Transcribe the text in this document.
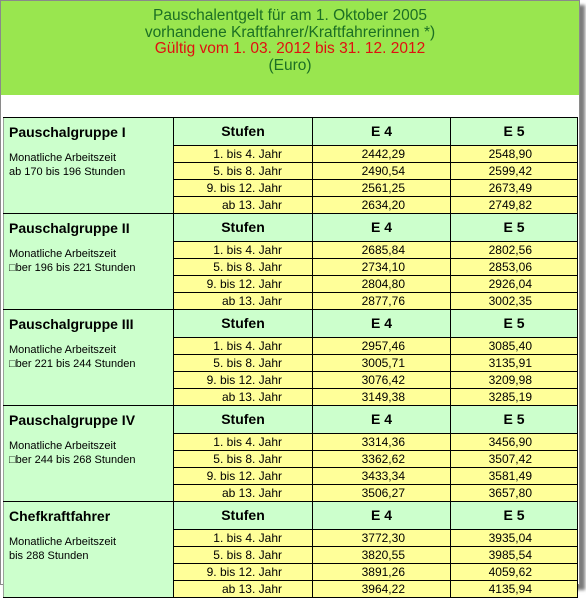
Pauschalentgelt für am 1. Oktober 2005
vorhandene Kraftfahrer/Kraftfahrerinnen *)
Gültig vom 1. 03. 2012 bis 31. 12. 2012
(Euro)
Pauschalgruppe I
Monatliche Arbeitszeit
ab 170 bis 196 Stunden	Stufen	E 4	E 5
	1. bis 4. Jahr	2442,29	2548,90
	5. bis 8. Jahr	2490,54	2599,42
	9. bis 12. Jahr	2561,25	2673,49
	ab 13. Jahr	2634,20	2749,82

Pauschalgruppe II
Monatliche Arbeitszeit
□ber 196 bis 221 Stunden	Stufen	E 4	E 5
	1. bis 4. Jahr	2685,84	2802,56
	5. bis 8. Jahr	2734,10	2853,06
	9. bis 12. Jahr	2804,80	2926,04
	ab 13. Jahr	2877,76	3002,35

Pauschalgruppe III
Monatliche Arbeitszeit
□ber 221 bis 244 Stunden	Stufen	E 4	E 5
	1. bis 4. Jahr	2957,46	3085,40
	5. bis 8. Jahr	3005,71	3135,91
	9. bis 12. Jahr	3076,42	3209,98
	ab 13. Jahr	3149,38	3285,19

Pauschalgruppe IV
Monatliche Arbeitszeit
□ber 244 bis 268 Stunden	Stufen	E 4	E 5
	1. bis 4. Jahr	3314,36	3456,90
	5. bis 8. Jahr	3362,62	3507,42
	9. bis 12. Jahr	3433,34	3581,49
	ab 13. Jahr	3506,27	3657,80

Chefkraftfahrer
Monatliche Arbeitszeit
bis 288 Stunden	Stufen	E 4	E 5
	1. bis 4. Jahr	3772,30	3935,04
	5. bis 8. Jahr	3820,55	3985,54
	9. bis 12. Jahr	3891,26	4059,62
	ab 13. Jahr	3964,22	4135,94
